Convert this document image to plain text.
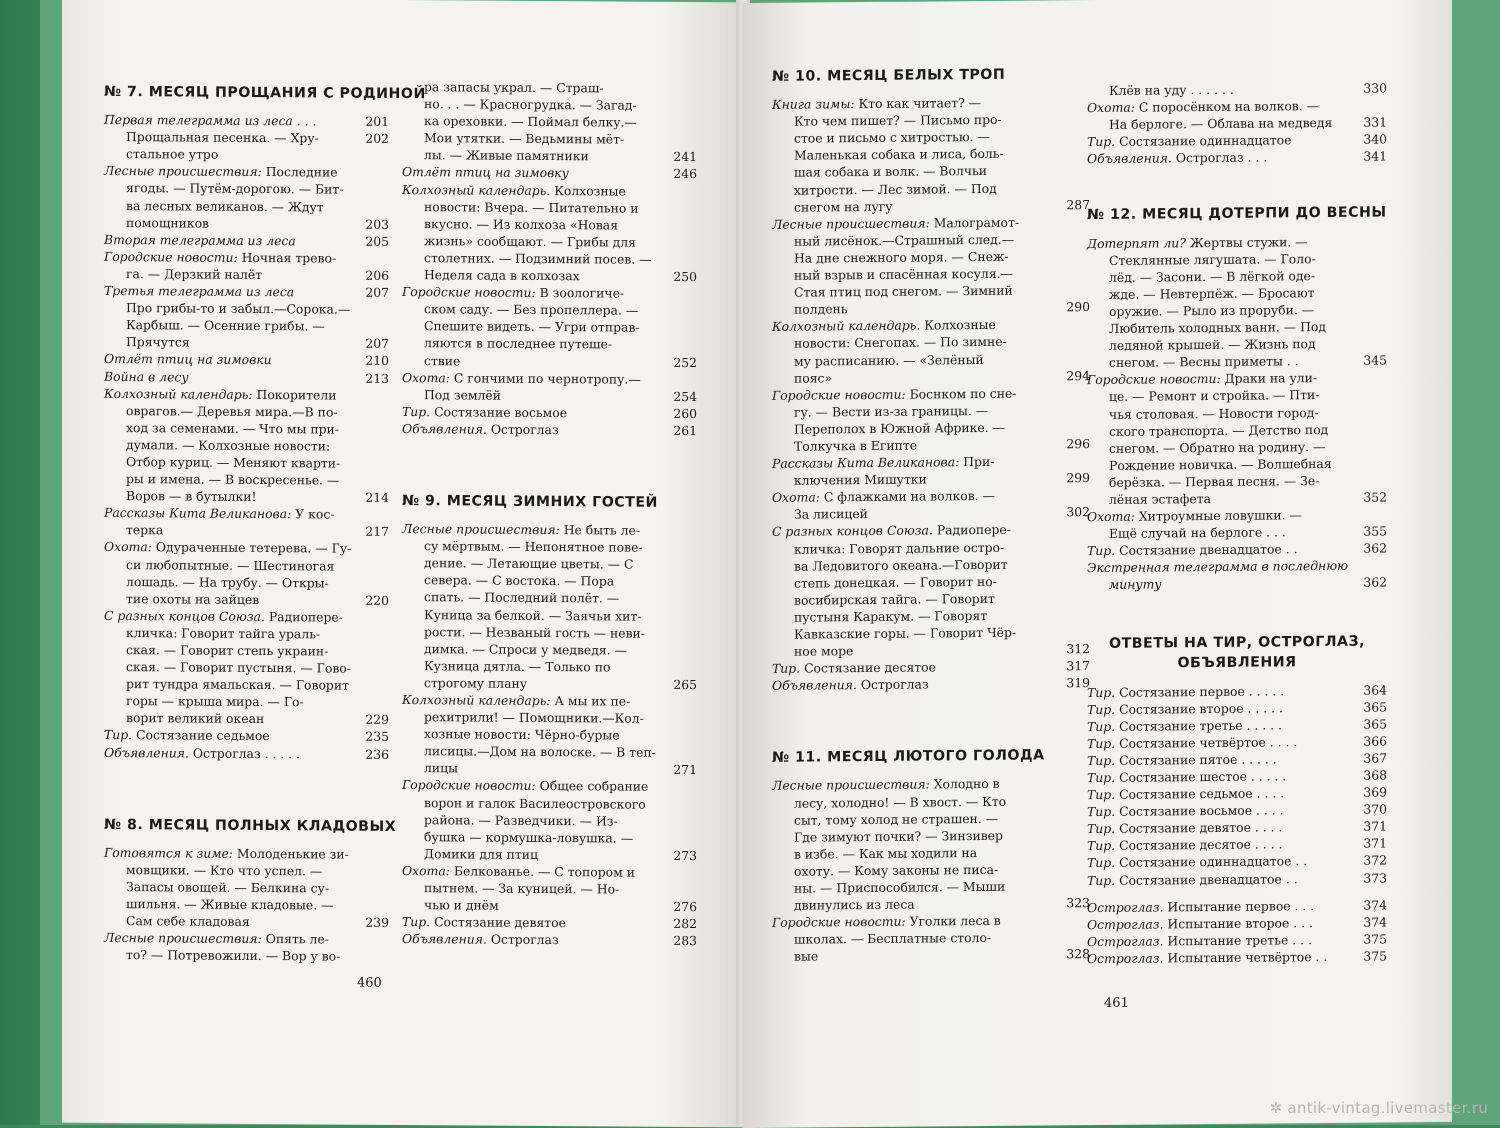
№ 7. МЕСЯЦ ПРОЩАНИЯ С РОДИНОЙ
Первая телеграмма из леса . . .	201
Прощальная песенка. — Хру-	202
стальное утро
Лесные происшествия: Последние
ягоды. — Путём-дорогою. — Бит-
ва лесных великанов. — Ждут
помощников	203
Вторая телеграмма из леса	205
Городские новости: Ночная трево-
га. — Дерзкий налёт	206
Третья телеграмма из леса	207
Про грибы-то и забыл.—Сорока.—
Карбыш. — Осенние грибы. —
Прячутся	207
Отлёт птиц на зимовки	210
Война в лесу	213
Колхозный календарь: Покорители
оврагов.— Деревья мира.—В по-
ход за семенами. — Что мы при-
думали. — Колхозные новости:
Отбор куриц. — Меняют кварти-
ры и имена. — В воскресенье. —
Воров — в бутылки!	214
Рассказы Кита Великанова: У кос-
терка	217
Охота: Одураченные тетерева. — Гу-
си любопытные. — Шестиногая
лошадь. — На трубу. — Откры-
тие охоты на зайцев	220
С разных концов Союза. Радиопере-
кличка: Говорит тайга ураль-
ская. — Говорит степь украин-
ская. — Говорит пустыня. — Гово-
рит тундра ямальская. — Говорит
горы — крыша мира. — Го-
ворит великий океан	229
Тир. Состязание седьмое	235
Объявления. Остроглаз . . . . .	236
№ 8. МЕСЯЦ ПОЛНЫХ КЛАДОВЫХ
Готовятся к зиме: Молоденькие зи-
мовщики. — Кто что успел. —
Запасы овощей. — Белкина су-
шильня. — Живые кладовые. —
Сам себе кладовая	239
Лесные происшествия: Опять ле-
то? — Потревожили. — Вор у во-
ра запасы украл. — Страш-
но. . . — Красногрудка. — Загад-
ка ореховки. — Поймал белку.—
Мои утятки. — Ведьмины мёт-
лы. — Живые памятники	241
Отлёт птиц на зимовку	246
Колхозный календарь. Колхозные
новости: Вчера. — Питательно и
вкусно. — Из колхоза «Новая
жизнь» сообщают. — Грибы для
столетних. — Подзимний посев. —
Неделя сада в колхозах	250
Городские новости: В зоологиче-
ском саду. — Без пропеллера. —
Спешите видеть. — Угри отправ-
ляются в последнее путеше-
ствие	252
Охота: С гончими по чернотропу.—
Под землёй	254
Тир. Состязание восьмое	260
Объявления. Остроглаз	261
№ 9. МЕСЯЦ ЗИМНИХ ГОСТЕЙ
Лесные происшествия: Не быть ле-
су мёртвым. — Непонятное пове-
дение. — Летающие цветы. — С
севера. — С востока. — Пора
спать. — Последний полёт. —
Куница за белкой. — Заячьи хит-
рости. — Незваный гость — неви-
димка. — Спроси у медведя. —
Кузница дятла. — Только по
строгому плану	265
Колхозный календарь: А мы их пе-
рехитрили! — Помощники.—Кол-
хозные новости: Чёрно-бурые
лисицы.—Дом на волоске. — В теп-
лицы	271
Городские новости: Общее собрание
ворон и галок Василеостровского
района. — Разведчики. — Из-
бушка — кормушка-ловушка. —
Домики для птиц	273
Охота: Белкованье. — С топором и
пытнем. — За куницей. — Но-
чью и днём	276
Тир. Состязание девятое	282
Объявления. Остроглаз	283
460
№ 10. МЕСЯЦ БЕЛЫХ ТРОП
Книга зимы: Кто как читает? —
Кто чем пишет? — Письмо про-
стое и письмо с хитростью. —
Маленькая собака и лиса, боль-
шая собака и волк. — Волчьи
хитрости. — Лес зимой. — Под
снегом на лугу	287
Лесные происшествия: Малограмот-
ный лисёнок.—Страшный след.—
На дне снежного моря. — Снеж-
ный взрыв и спасённая косуля.—
Стая птиц под снегом. — Зимний
полдень	290
Колхозный календарь. Колхозные
новости: Снегопах. — По зимне-
му расписанию. — «Зелёный
пояс»	294
Городские новости: Боснком по сне-
гу. — Вести из-за границы. —
Переполох в Южной Африке. —
Толкучка в Египте	296
Рассказы Кита Великанова: При-
ключения Мишутки	299
Охота: С флажками на волков. —
За лисицей	302
С разных концов Союза. Радиопере-
кличка: Говорят дальние остро-
ва Ледовитого океана.—Говорит
степь донецкая. — Говорит но-
восибирская тайга. — Говорит
пустыня Каракум. — Говорят
Кавказские горы. — Говорит Чёр-
ное море	312
Тир. Состязание десятое	317
Объявления. Остроглаз	319
№ 11. МЕСЯЦ ЛЮТОГО ГОЛОДА
Лесные происшествия: Холодно в
лесу, холодно! — В хвост. — Кто
сыт, тому холод не страшен. —
Где зимуют почки? — Зинзивер
в избе. — Как мы ходили на
охоту. — Кому законы не писа-
ны. — Приспособился. — Мыши
двинулись из леса	323
Городские новости: Уголки леса в
школах. — Бесплатные столо-
вые	328
Клёв на уду . . . . . .	330
Охота: С поросёнком на волков. —
На берлоге. — Облава на медведя	331
Тир. Состязание одиннадцатое	340
Объявления. Остроглаз . . .	341
№ 12. МЕСЯЦ ДОТЕРПИ ДО ВЕСНЫ
Дотерпят ли? Жертвы стужи. —
Стеклянные лягушата. — Голо-
лёд. — Засони. — В лёгкой оде-
жде. — Невтерпёж. — Бросают
оружие. — Рыло из проруби. —
Любитель холодных ванн. — Под
ледяной крышей. — Жизнь под
снегом. — Весны приметы . .	345
Городские новости: Драки на ули-
це. — Ремонт и стройка. — Пти-
чья столовая. — Новости город-
ского транспорта. — Детство под
снегом. — Обратно на родину. —
Рождение новичка. — Волшебная
берёзка. — Первая песня. — Зе-
лёная эстафета	352
Охота: Хитроумные ловушки. —
Ещё случай на берлоге . . .	355
Тир. Состязание двенадцатое . .	362
Экстренная телеграмма в последнюю
минуту	362
ОТВЕТЫ НА ТИР, ОСТРОГЛАЗ, ОБЪЯВЛЕНИЯ
Тир. Состязание первое . . . . .	364
Тир. Состязание второе . . . . .	365
Тир. Состязание третье . . . . .	365
Тир. Состязание четвёртое . . . .	366
Тир. Состязание пятое . . . . .	367
Тир. Состязание шестое . . . . .	368
Тир. Состязание седьмое . . . .	369
Тир. Состязание восьмое . . . .	370
Тир. Состязание девятое . . . .	371
Тир. Состязание десятое . . . .	371
Тир. Состязание одиннадцатое . .	372
Тир. Состязание двенадцатое . .	373
Остроглаз. Испытание первое . . .	374
Остроглаз. Испытание второе . . .	374
Остроглаз. Испытание третье . . .	375
Остроглаз. Испытание четвёртое . .	375
461
✲ antik-vintag.livemaster.ru
